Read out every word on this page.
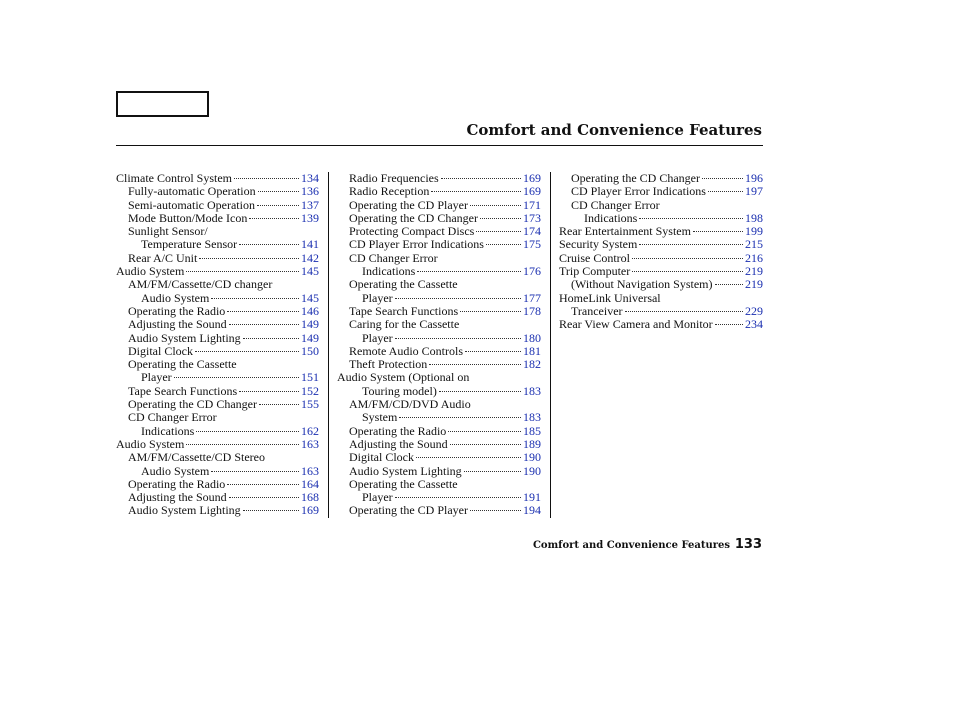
Comfort and Convenience Features
Climate Control System	134
Fully-automatic Operation	136
Semi-automatic Operation	137
Mode Button/Mode Icon	139
Sunlight Sensor/
Temperature Sensor	141
Rear A/C Unit	142
Audio System	145
AM/FM/Cassette/CD changer
Audio System	145
Operating the Radio	146
Adjusting the Sound	149
Audio System Lighting	149
Digital Clock	150
Operating the Cassette
Player	151
Tape Search Functions	152
Operating the CD Changer	155
CD Changer Error
Indications	162
Audio System	163
AM/FM/Cassette/CD Stereo
Audio System	163
Operating the Radio	164
Adjusting the Sound	168
Audio System Lighting	169
Radio Frequencies	169
Radio Reception	169
Operating the CD Player	171
Operating the CD Changer	173
Protecting Compact Discs	174
CD Player Error Indications	175
CD Changer Error
Indications	176
Operating the Cassette
Player	177
Tape Search Functions	178
Caring for the Cassette
Player	180
Remote Audio Controls	181
Theft Protection	182
Audio System (Optional on
Touring model)	183
AM/FM/CD/DVD Audio
System	183
Operating the Radio	185
Adjusting the Sound	189
Digital Clock	190
Audio System Lighting	190
Operating the Cassette
Player	191
Operating the CD Player	194
Operating the CD Changer	196
CD Player Error Indications	197
CD Changer Error
Indications	198
Rear Entertainment System	199
Security System	215
Cruise Control	216
Trip Computer	219
(Without Navigation System)	219
HomeLink Universal
Tranceiver	229
Rear View Camera and Monitor	234
Comfort and Convenience Features 133
